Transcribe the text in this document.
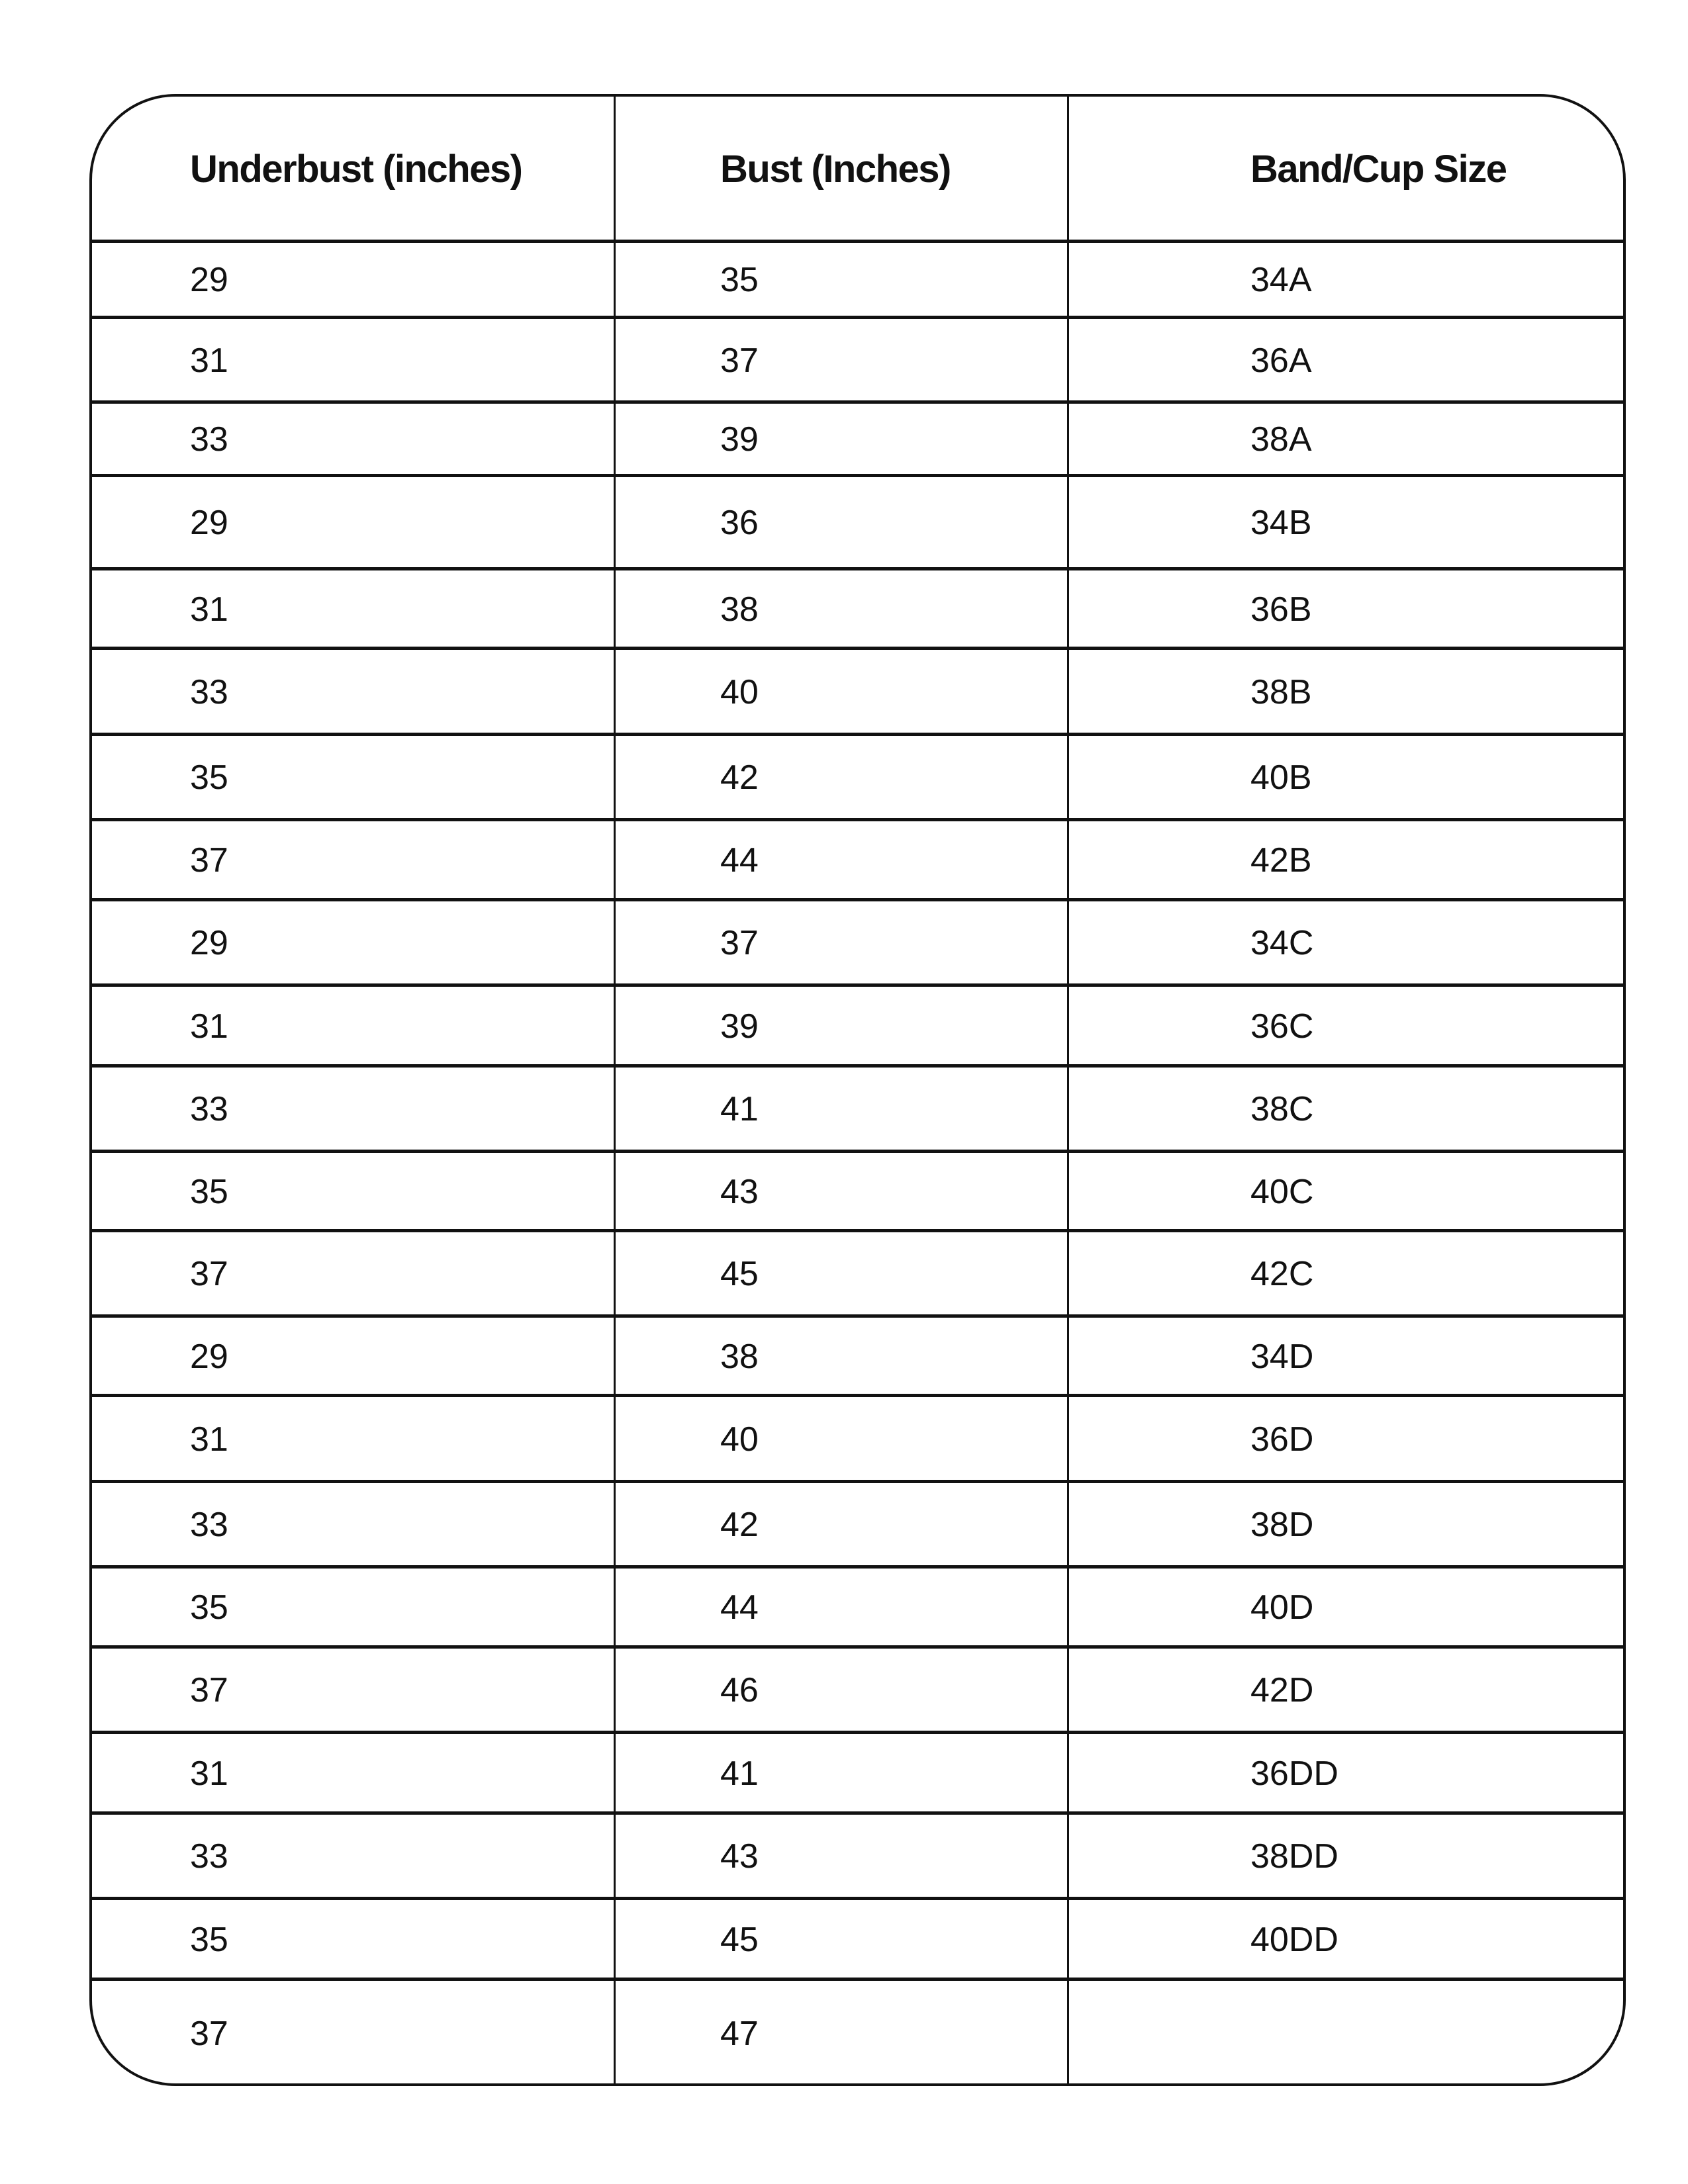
Underbust (inches)	Bust (Inches)	Band/Cup Size
29	35	34A
31	37	36A
33	39	38A
29	36	34B
31	38	36B
33	40	38B
35	42	40B
37	44	42B
29	37	34C
31	39	36C
33	41	38C
35	43	40C
37	45	42C
29	38	34D
31	40	36D
33	42	38D
35	44	40D
37	46	42D
31	41	36DD
33	43	38DD
35	45	40DD
37	47
